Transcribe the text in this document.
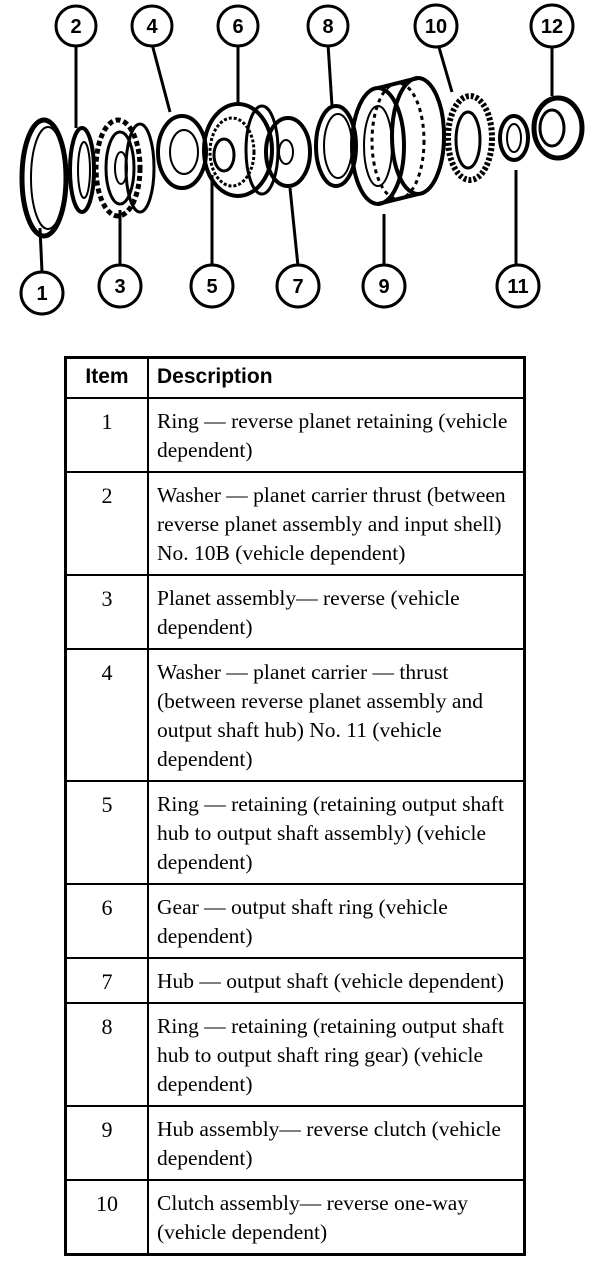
1
2
3
4
5
6
7
8
9
10
11
12
Item	Description
1	Ring — reverse planet retaining (vehicle dependent)
2	Washer — planet carrier thrust (between reverse planet assembly and input shell) No. 10B (vehicle dependent)
3	Planet assembly— reverse (vehicle dependent)
4	Washer — planet carrier — thrust (between reverse planet assembly and output shaft hub) No. 11 (vehicle dependent)
5	Ring — retaining (retaining output shaft hub to output shaft assembly) (vehicle dependent)
6	Gear — output shaft ring (vehicle dependent)
7	Hub — output shaft (vehicle dependent)
8	Ring — retaining (retaining output shaft hub to output shaft ring gear) (vehicle dependent)
9	Hub assembly— reverse clutch (vehicle dependent)
10	Clutch assembly— reverse one-way (vehicle dependent)
